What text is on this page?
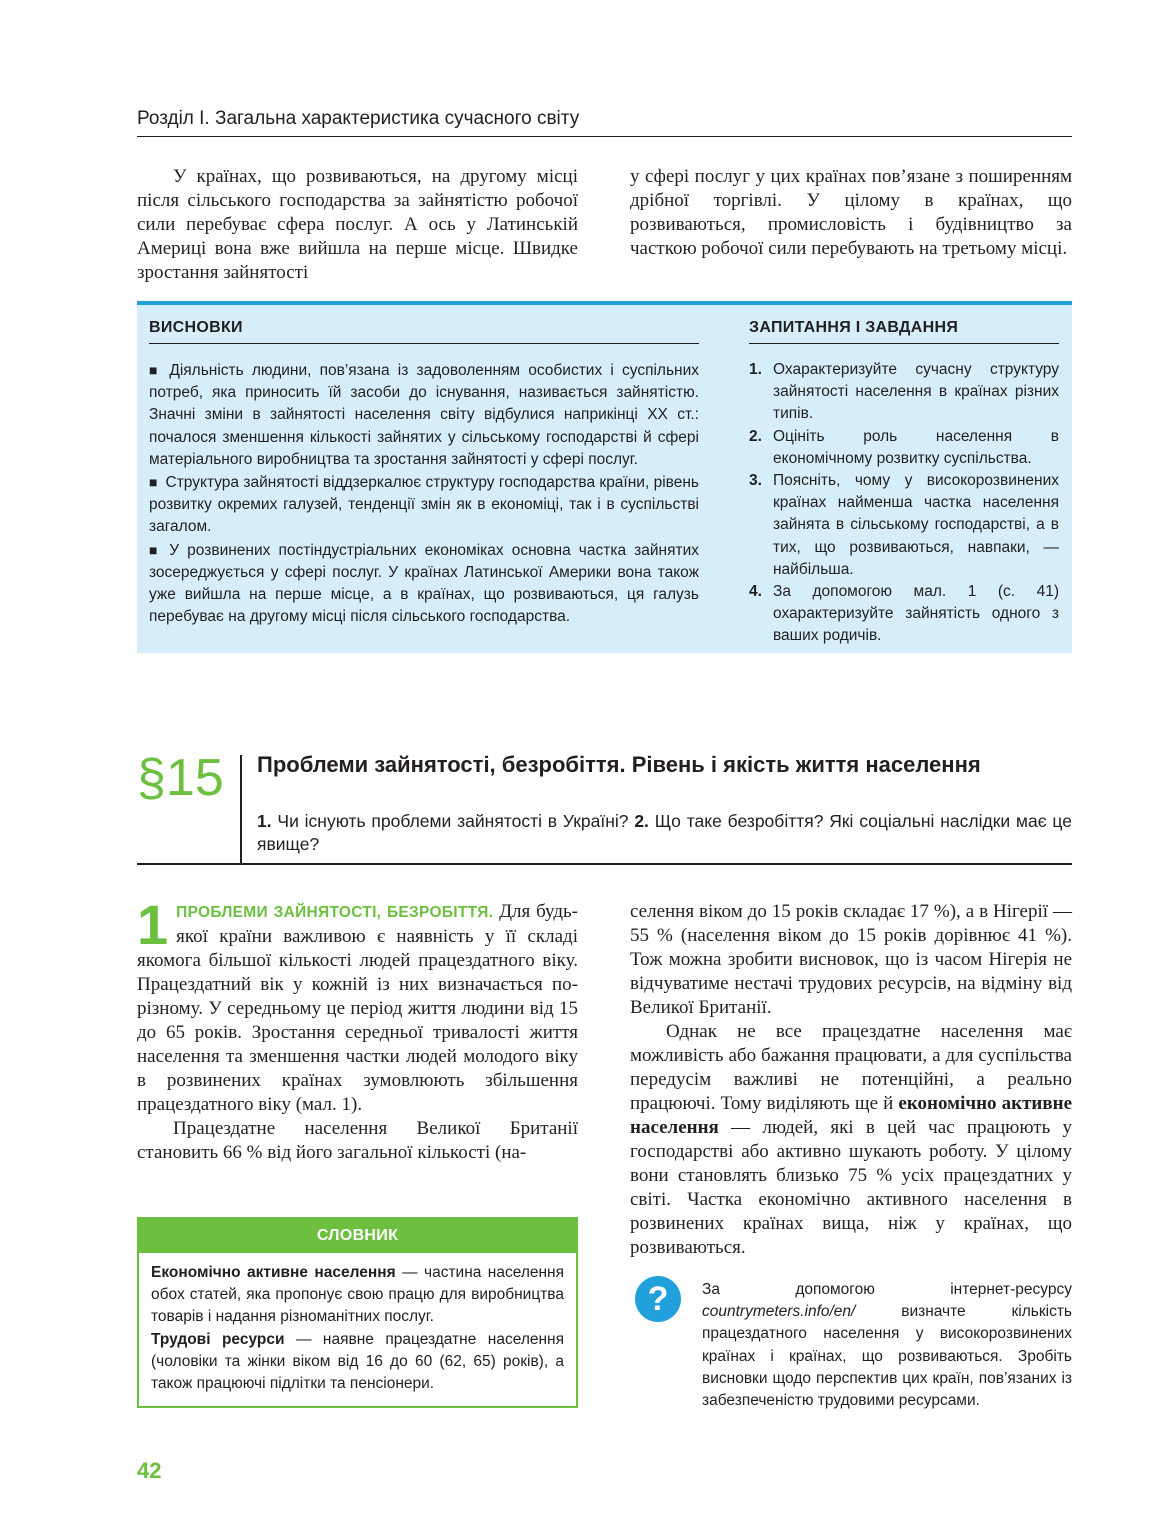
Розділ І. Загальна характеристика сучасного світу

У країнах, що розвиваються, на другому місці після сільського господарства за зайнятістю робочої сили перебуває сфера послуг. А ось у Латинській Америці вона вже вийшла на перше місце. Швидке зростання зайнятості

у сфері послуг у цих країнах пов’язане з поширенням дрібної торгівлі. У цілому в країнах, що розвиваються, промисловість і будівництво за часткою робочої сили перебувають на третьому місці.

ВИСНОВКИ
■ Діяльність людини, пов’язана із задоволенням особистих і суспільних потреб, яка приносить їй засоби до існування, називається зайнятістю. Значні зміни в зайнятості населення світу відбулися наприкінці ХХ ст.: почалося зменшення кількості зайнятих у сільському господарстві й сфері матеріального виробництва та зростання зайнятості у сфері послуг.
■ Структура зайнятості віддзеркалює структуру господарства країни, рівень розвитку окремих галузей, тенденції змін як в економіці, так і в суспільстві загалом.
■ У розвинених постіндустріальних економіках основна частка зайнятих зосереджується у сфері послуг. У країнах Латинської Америки вона також уже вийшла на перше місце, а в країнах, що розвиваються, ця галузь перебуває на другому місці після сільського господарства.
ЗАПИТАННЯ І ЗАВДАННЯ
1. Охарактеризуйте сучасну структуру зайнятості населення в країнах різних типів.
2. Оцініть роль населення в економічному розвитку суспільства.
3. Поясніть, чому у високорозвинених країнах найменша частка населення зайнята в сільському господарстві, а в тих, що розвиваються, навпаки, — найбільша.
4. За допомогою мал. 1 (с. 41) охарактеризуйте зайнятість одного з ваших родичів.
§15 Проблеми зайнятості, безробіття. Рівень і якість життя населення
1. Чи існують проблеми зайнятості в Україні? 2. Що таке безробіття? Які соціальні наслідки має це явище?

1 ПРОБЛЕМИ ЗАЙНЯТОСТІ, БЕЗРОБІТТЯ. Для будь-якої країни важливою є наявність у її складі якомога більшої кількості людей працездатного віку. Працездатний вік у кожній із них визначається по-різному. У середньому це період життя людини від 15 до 65 років. Зростання середньої тривалості життя населення та зменшення частки людей молодого віку в розвинених країнах зумовлюють збільшення працездатного віку (мал. 1).

Працездатне населення Великої Британії становить 66 % від його загальної кількості (на-

селення віком до 15 років складає 17 %), а в Нігерії — 55 % (населення віком до 15 років дорівнює 41 %). Тож можна зробити висновок, що із часом Нігерія не відчуватиме нестачі трудових ресурсів, на відміну від Великої Британії.

Однак не все працездатне населення має можливість або бажання працювати, а для суспільства передусім важливі не потенційні, а реально працюючі. Тому виділяють ще й економічно активне населення — людей, які в цей час працюють у господарстві або активно шукають роботу. У цілому вони становлять близько 75 % усіх працездатних у світі. Частка економічно активного населення в розвинених країнах вища, ніж у країнах, що розвиваються.

СЛОВНИК
Економічно активне населення — частина населення обох статей, яка пропонує свою працю для виробництва товарів і надання різноманітних послуг.
Трудові ресурси — наявне працездатне населення (чоловіки та жінки віком від 16 до 60 (62, 65) років), а також працюючі підлітки та пенсіонери.
?	За допомогою інтернет-ресурсу countrymeters.info/en/	визначте кількість працездатного населення у високорозвинених країнах і країнах, що розвиваються. Зробіть висновки щодо перспектив цих країн, пов’язаних із забезпеченістю трудовими ресурсами.
42
